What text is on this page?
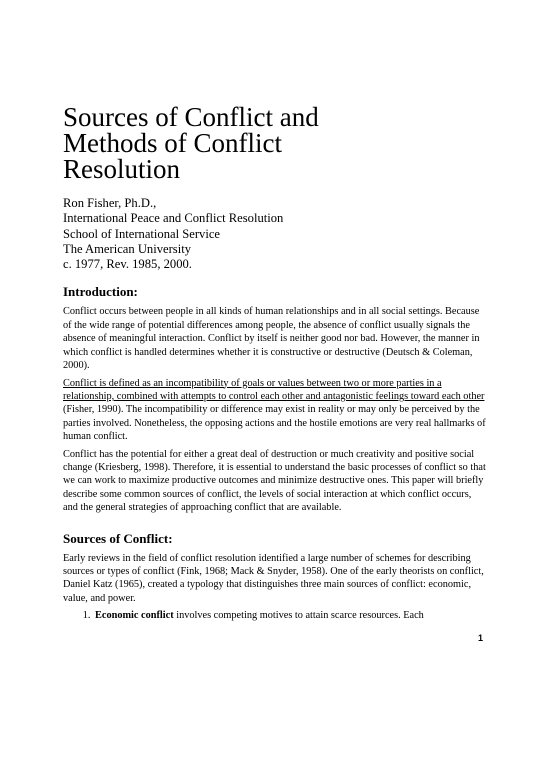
Sources of Conflict and
Methods of Conflict
Resolution
Ron Fisher, Ph.D.,
International Peace and Conflict Resolution
School of International Service
The American University
c. 1977, Rev. 1985, 2000.
Introduction:

Conflict occurs between people in all kinds of human relationships and in all social settings. Because of the wide range of potential differences among people, the absence of conflict usually signals the absence of meaningful interaction. Conflict by itself is neither good nor bad. However, the manner in which conflict is handled determines whether it is constructive or destructive (Deutsch & Coleman, 2000).

Conflict is defined as an incompatibility of goals or values between two or more parties in a relationship, combined with attempts to control each other and antagonistic feelings toward each other (Fisher, 1990). The incompatibility or difference may exist in reality or may only be perceived by the parties involved. Nonetheless, the opposing actions and the hostile emotions are very real hallmarks of human conflict.

Conflict has the potential for either a great deal of destruction or much creativity and positive social change (Kriesberg, 1998). Therefore, it is essential to understand the basic processes of conflict so that we can work to maximize productive outcomes and minimize destructive ones. This paper will briefly describe some common sources of conflict, the levels of social interaction at which conflict occurs, and the general strategies of approaching conflict that are available.

Sources of Conflict:

Early reviews in the field of conflict resolution identified a large number of schemes for describing sources or types of conflict (Fink, 1968; Mack & Snyder, 1958). One of the early theorists on conflict, Daniel Katz (1965), created a typology that distinguishes three main sources of conflict: economic, value, and power.

1. Economic conflict involves competing motives to attain scarce resources. Each
1
